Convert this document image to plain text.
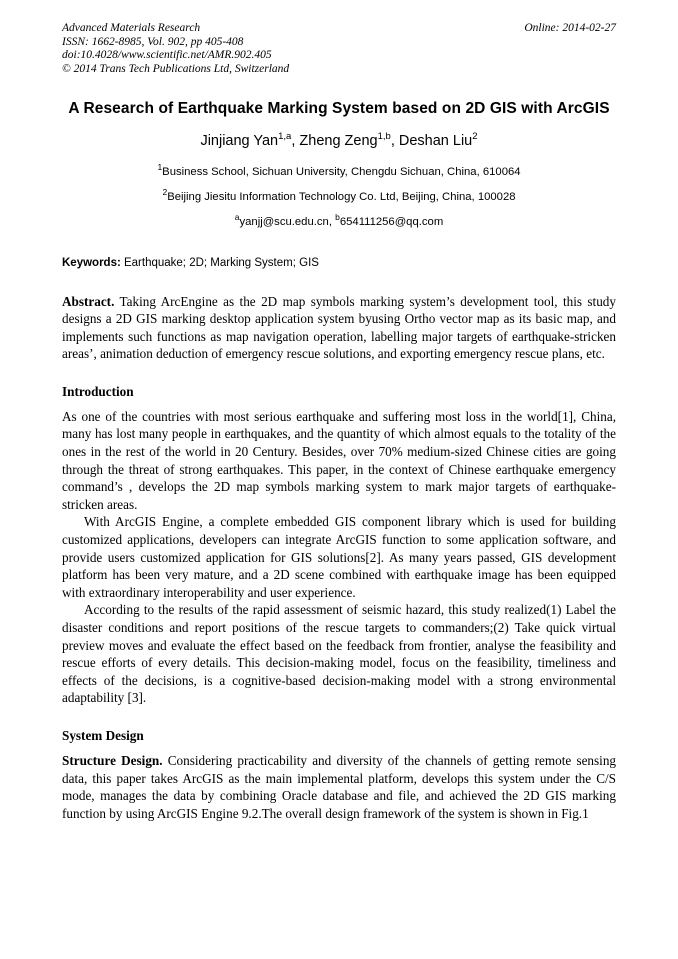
Advanced Materials Research
ISSN: 1662-8985, Vol. 902, pp 405-408
doi:10.4028/www.scientific.net/AMR.902.405
© 2014 Trans Tech Publications Ltd, Switzerland
Online: 2014-02-27
A Research of Earthquake Marking System based on 2D GIS with ArcGIS
Jinjiang Yan$^{1,a}$, Zheng Zeng$^{1,b}$, Deshan Liu$^2$
$^1$Business School, Sichuan University, Chengdu Sichuan, China, 610064
$^2$Beijing Jiesitu Information Technology Co. Ltd, Beijing, China, 100028
$^a$yanjj@scu.edu.cn, $^b$654111256@qq.com
Keywords: Earthquake; 2D; Marking System; GIS
Abstract. Taking ArcEngine as the 2D map symbols marking system’s development tool, this study designs a 2D GIS marking desktop application system byusing Ortho vector map as its basic map, and implements such functions as map navigation operation, labelling major targets of earthquake-stricken areas’, animation deduction of emergency rescue solutions, and exporting emergency rescue plans, etc.
Introduction

As one of the countries with most serious earthquake and suffering most loss in the world[1], China, many has lost many people in earthquakes, and the quantity of which almost equals to the totality of the ones in the rest of the world in 20 Century. Besides, over 70% medium-sized Chinese cities are going through the threat of strong earthquakes. This paper, in the context of Chinese earthquake emergency command’s , develops the 2D map symbols marking system to mark major targets of earthquake-stricken areas.

With ArcGIS Engine, a complete embedded GIS component library which is used for building customized applications, developers can integrate ArcGIS function to some application software, and provide users customized application for GIS solutions[2]. As many years passed, GIS development platform has been very mature, and a 2D scene combined with earthquake image has been equipped with extraordinary interoperability and user experience.

According to the results of the rapid assessment of seismic hazard, this study realized(1) Label the disaster conditions and report positions of the rescue targets to commanders;(2) Take quick virtual preview moves and evaluate the effect based on the feedback from frontier, analyse the feasibility and rescue efforts of every details. This decision-making model, focus on the feasibility, timeliness and effects of the decisions, is a cognitive-based decision-making model with a strong environmental adaptability [3].

System Design

Structure Design. Considering practicability and diversity of the channels of getting remote sensing data, this paper takes ArcGIS as the main implemental platform, develops this system under the C/S mode, manages the data by combining Oracle database and file, and achieved the 2D GIS marking function by using ArcGIS Engine 9.2.The overall design framework of the system is shown in Fig.1
